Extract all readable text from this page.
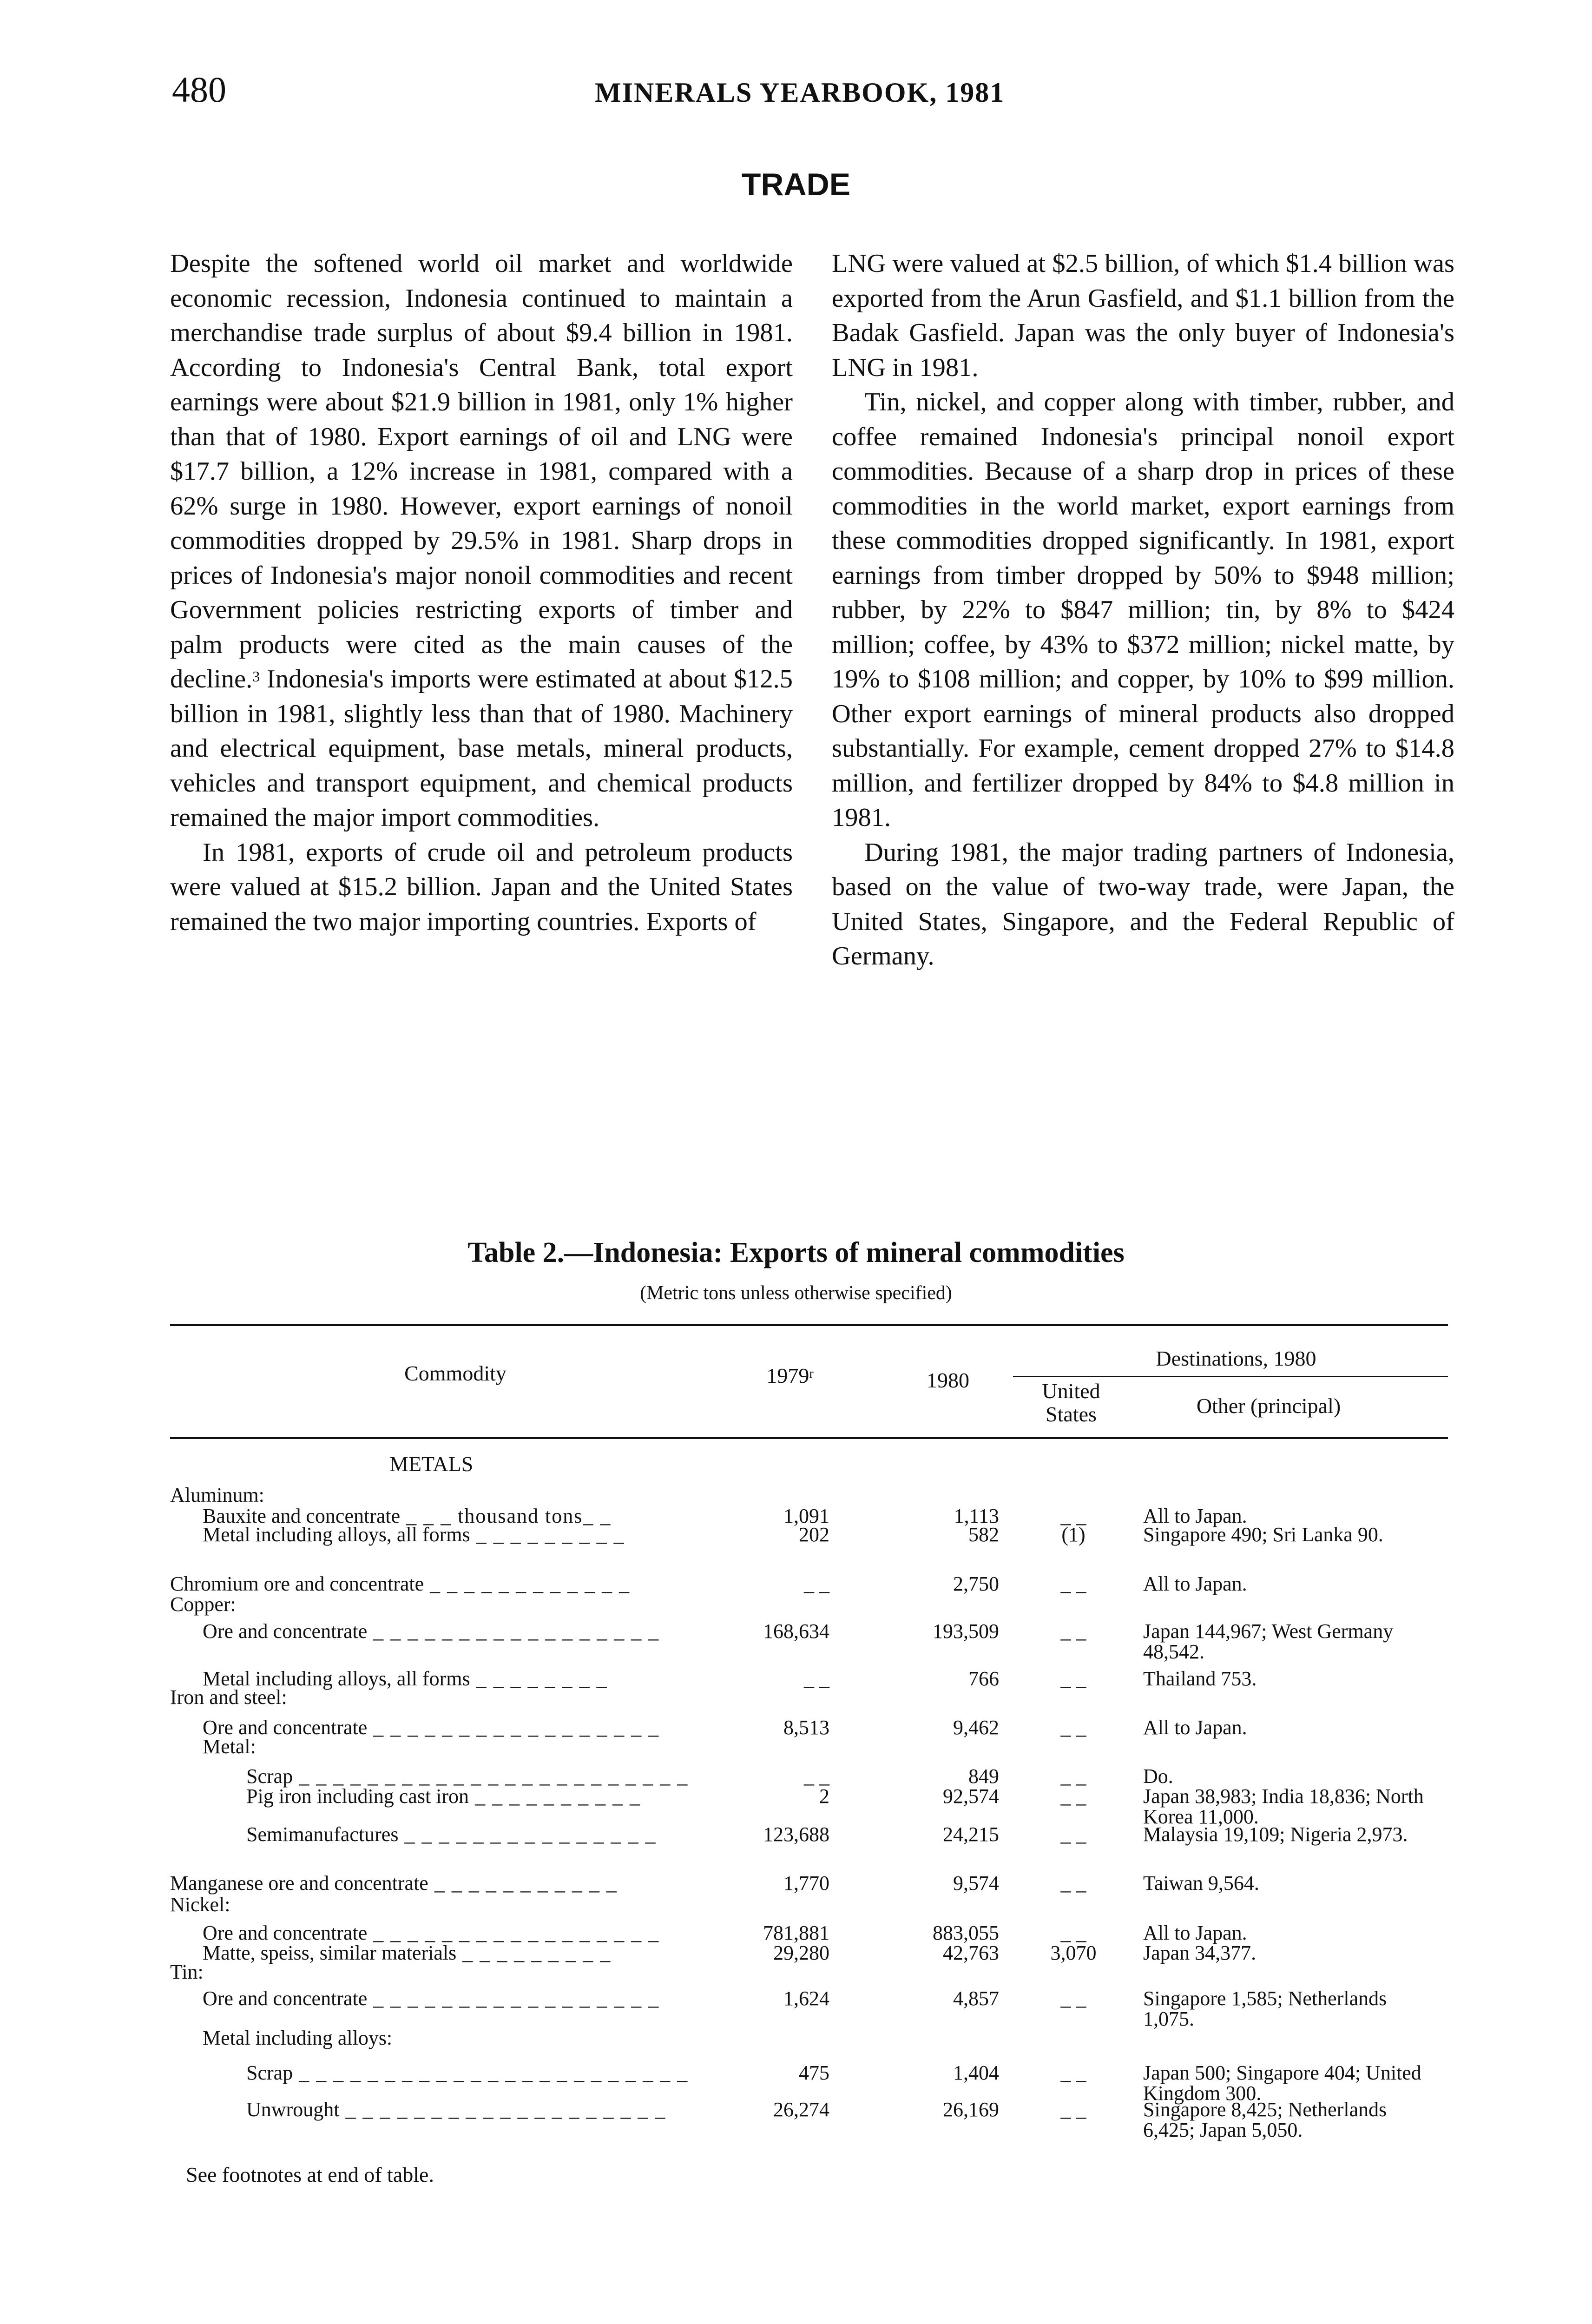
480	MINERALS YEARBOOK, 1981
TRADE

Despite the softened world oil market and worldwide economic recession, Indonesia continued to maintain a merchandise trade surplus of about $9.4 billion in 1981. According to Indonesia's Central Bank, total export earnings were about $21.9 billion in 1981, only 1% higher than that of 1980. Export earnings of oil and LNG were $17.7 billion, a 12% increase in 1981, compared with a 62% surge in 1980. However, export earnings of nonoil commodities dropped by 29.5% in 1981. Sharp drops in prices of Indonesia's major nonoil commodities and recent Government policies restricting exports of timber and palm products were cited as the main causes of the decline.$^3$ Indonesia's imports were estimated at about $12.5 billion in 1981, slightly less than that of 1980. Machinery and electrical equipment, base metals, mineral products, vehicles and transport equipment, and chemical products remained the major import commodities.

In 1981, exports of crude oil and petroleum products were valued at $15.2 billion. Japan and the United States remained the two major importing countries. Exports of

LNG were valued at $2.5 billion, of which $1.4 billion was exported from the Arun Gasfield, and $1.1 billion from the Badak Gasfield. Japan was the only buyer of Indonesia's LNG in 1981.

Tin, nickel, and copper along with timber, rubber, and coffee remained Indonesia's principal nonoil export commodities. Because of a sharp drop in prices of these commodities in the world market, export earnings from these commodities dropped significantly. In 1981, export earnings from timber dropped by 50% to $948 million; rubber, by 22% to $847 million; tin, by 8% to $424 million; coffee, by 43% to $372 million; nickel matte, by 19% to $108 million; and copper, by 10% to $99 million. Other export earnings of mineral products also dropped substantially. For example, cement dropped 27% to $14.8 million, and fertilizer dropped by 84% to $4.8 million in 1981.

During 1981, the major trading partners of Indonesia, based on the value of two-way trade, were Japan, the United States, Singapore, and the Federal Republic of Germany.

Table 2.—Indonesia: Exports of mineral commodities
(Metric tons unless otherwise specified)
Commodity	1979$^r$	1980
Destinations, 1980
United States	Other (principal)
METALS
Aluminum:
Bauxite and concentrate _ _ _ thousand tons_ _	1,091	1,113	_ _	All to Japan.
Metal including alloys, all forms _ _ _ _ _ _ _ _ _	202	582	(1)	Singapore 490; Sri Lanka 90.
Chromium ore and concentrate _ _ _ _ _ _ _ _ _ _ _ _	_ _	2,750	_ _	All to Japan.
Copper:
Ore and concentrate _ _ _ _ _ _ _ _ _ _ _ _ _ _ _ _ _	168,634	193,509	_ _	Japan 144,967; West Germany 48,542.
Metal including alloys, all forms _ _ _ _ _ _ _ _	_ _	766	_ _	Thailand 753.
Iron and steel:
Ore and concentrate _ _ _ _ _ _ _ _ _ _ _ _ _ _ _ _ _	8,513	9,462	_ _	All to Japan.
Metal:
Scrap _ _ _ _ _ _ _ _ _ _ _ _ _ _ _ _ _ _ _ _ _ _ _	_ _	849	_ _	Do.
Pig iron including cast iron _ _ _ _ _ _ _ _ _ _	2	92,574	_ _	Japan 38,983; India 18,836; North Korea 11,000.
Semimanufactures _ _ _ _ _ _ _ _ _ _ _ _ _ _ _	123,688	24,215	_ _	Malaysia 19,109; Nigeria 2,973.
Manganese ore and concentrate _ _ _ _ _ _ _ _ _ _ _	1,770	9,574	_ _	Taiwan 9,564.
Nickel:
Ore and concentrate _ _ _ _ _ _ _ _ _ _ _ _ _ _ _ _ _	781,881	883,055	_ _	All to Japan.
Matte, speiss, similar materials _ _ _ _ _ _ _ _ _	29,280	42,763	3,070	Japan 34,377.
Tin:
Ore and concentrate _ _ _ _ _ _ _ _ _ _ _ _ _ _ _ _ _	1,624	4,857	_ _	Singapore 1,585; Netherlands 1,075.
Metal including alloys:
Scrap _ _ _ _ _ _ _ _ _ _ _ _ _ _ _ _ _ _ _ _ _ _ _	475	1,404	_ _	Japan 500; Singapore 404; United Kingdom 300.
Unwrought _ _ _ _ _ _ _ _ _ _ _ _ _ _ _ _ _ _ _	26,274	26,169	_ _	Singapore 8,425; Netherlands 6,425; Japan 5,050.
See footnotes at end of table.
